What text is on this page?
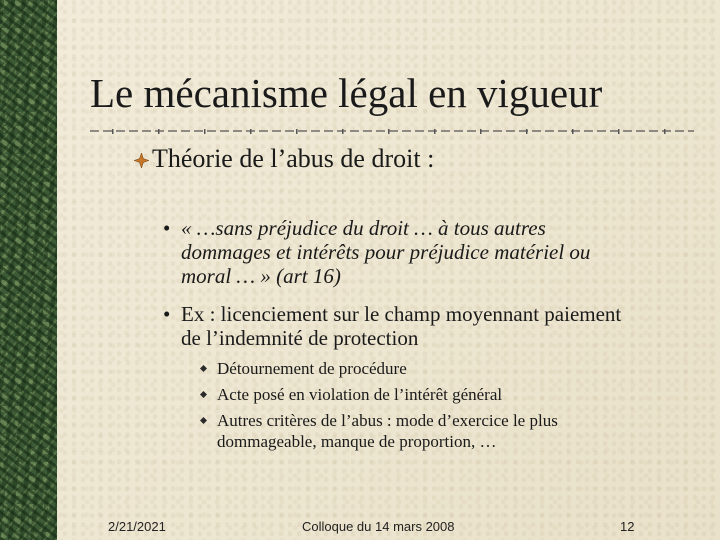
Le mécanisme légal en vigueur
Théorie de l’abus de droit :
• « …sans préjudice du droit … à tous autres
dommages et intérêts pour préjudice matériel ou
moral … » (art 16)
• Ex : licenciement sur le champ moyennant paiement
de l’indemnité de protection
Détournement de procédure
Acte posé en violation de l’intérêt général
Autres critères de l’abus : mode d’exercice le plus
dommageable, manque de proportion, …
2/21/2021	Colloque du 14 mars 2008	12
